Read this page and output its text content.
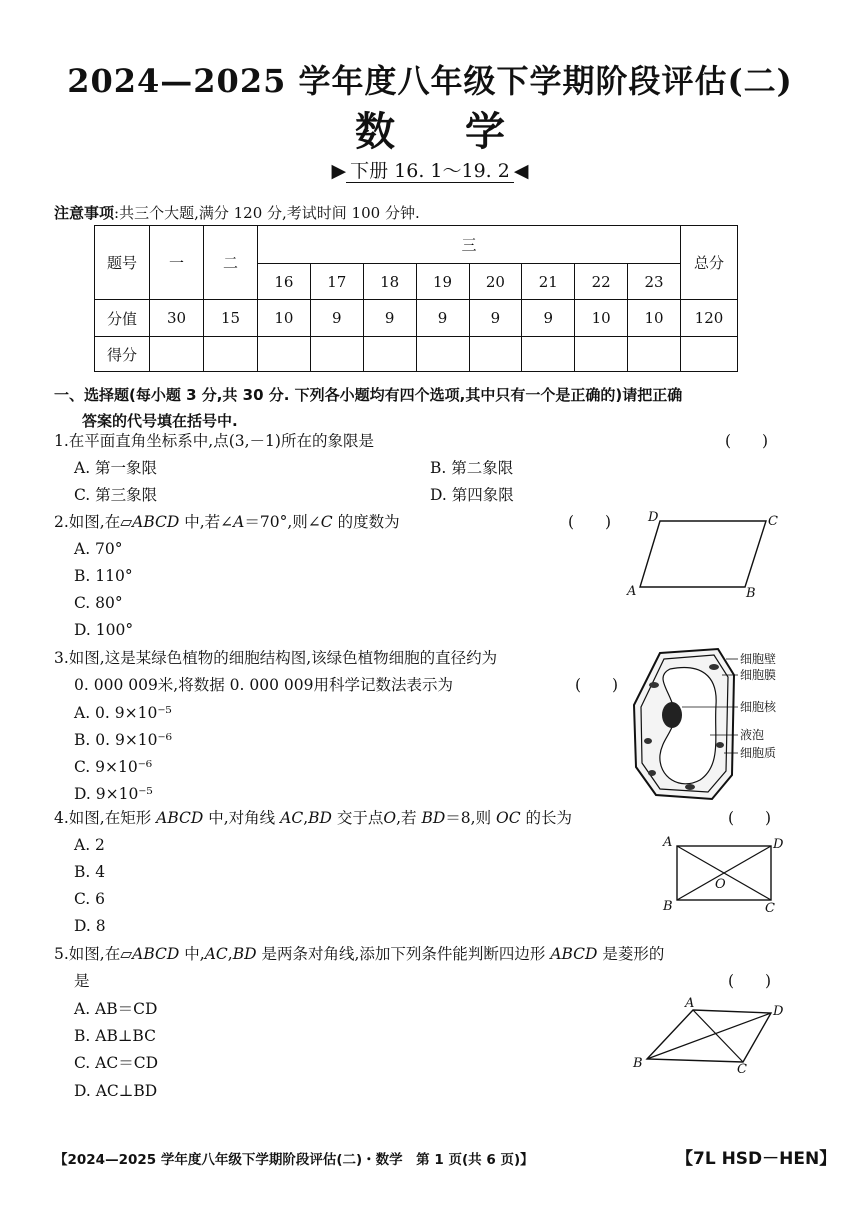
2024—2025 学年度八年级下学期阶段评估(二)
数学
▶ 下册 16. 1～19. 2 ◀
注意事项:共三个大题,满分 120 分,考试时间 100 分钟.
题号	一	二	三								总分
			16	17	18	19	20	21	22	23	
分值	30	15	10	9	9	9	9	9	10	10	120
得分											
一、选择题(每小题 3 分,共 30 分. 下列各小题均有四个选项,其中只有一个是正确的)请把正确
答案的代号填在括号中.
1.在平面直角坐标系中,点(3,－1)所在的象限是	(　　)
A. 第一象限	B. 第二象限
C. 第三象限	D. 第四象限
2.如图,在▱ABCD 中,若∠A＝70°,则∠C 的度数为	(　　)
A. 70°
B. 110°
C. 80°
D. 100°
D	C
A	B
3.如图,这是某绿色植物的细胞结构图,该绿色植物细胞的直径约为
0. 000 009米,将数据 0. 000 009用科学记数法表示为	(　　)
A. 0. 9×10⁻⁵
B. 0. 9×10⁻⁶
C. 9×10⁻⁶
D. 9×10⁻⁵
细胞壁
细胞膜
细胞核
液泡
细胞质
4.如图,在矩形 ABCD 中,对角线 AC,BD 交于点O,若 BD＝8,则 OC 的长为	(　　)
A. 2
B. 4
C. 6
D. 8
A	D
B	C
O
5.如图,在▱ABCD 中,AC,BD 是两条对角线,添加下列条件能判断四边形 ABCD 是菱形的
是	(　　)
A. AB＝CD
B. AB⊥BC
C. AC＝CD
D. AC⊥BD
A
D
B	C
【2024—2025 学年度八年级下学期阶段评估(二)・数学　第 1 页(共 6 页)】	【7L HSD－HEN】
